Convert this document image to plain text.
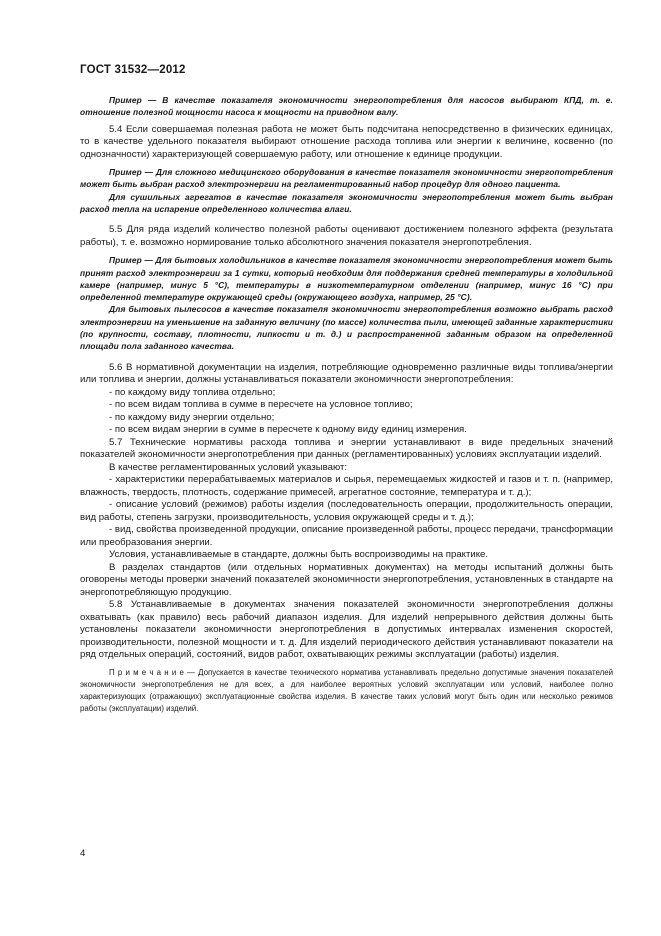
ГОСТ 31532—2012

Пример — В качестве показателя экономичности энергопотребления для насосов выбирают КПД, т. е. отношение полезной мощности насоса к мощности на приводном валу.

5.4 Если совершаемая полезная работа не может быть подсчитана непосредственно в физических единицах, то в качестве удельного показателя выбирают отношение расхода топлива или энергии к величине, косвенно (по однозначности) характеризующей совершаемую работу, или отношение к единице продукции.

Пример — Для сложного медицинского оборудования в качестве показателя экономичности энергопотребления может быть выбран расход электроэнергии на регламентированный набор процедур для одного пациента.

Для сушильных агрегатов в качестве показателя экономичности энергопотребления может быть выбран расход тепла на испарение определенного количества влаги.

5.5 Для ряда изделий количество полезной работы оценивают достижением полезного эффекта (результата работы), т. е. возможно нормирование только абсолютного значения показателя энергопотребления.

Пример — Для бытовых холодильников в качестве показателя экономичности энергопотребления может быть принят расход электроэнергии за 1 сутки, который необходим для поддержания средней температуры в холодильной камере (например, минус 5 °С), температуры в низкотемпературном отделении (например, минус 16 °С) при определенной температуре окружающей среды (окружающего воздуха, например, 25 °С).

Для бытовых пылесосов в качестве показателя экономичности энергопотребления возможно выбрать расход электроэнергии на уменьшение на заданную величину (по массе) количества пыли, имеющей заданные характеристики (по крупности, составу, плотности, липкости и т. д.) и распространенной заданным образом на определенной площади пола заданного качества.

5.6 В нормативной документации на изделия, потребляющие одновременно различные виды топлива/энергии или топлива и энергии, должны устанавливаться показатели экономичности энергопотребления:

- по каждому виду топлива отдельно;

- по всем видам топлива в сумме в пересчете на условное топливо;

- по каждому виду энергии отдельно;

- по всем видам энергии в сумме в пересчете к одному виду единиц измерения.

5.7 Технические нормативы расхода топлива и энергии устанавливают в виде предельных значений показателей экономичности энергопотребления при данных (регламентированных) условиях эксплуатации изделий.

В качестве регламентированных условий указывают:

- характеристики перерабатываемых материалов и сырья, перемещаемых жидкостей и газов и т. п. (например, влажность, твердость, плотность, содержание примесей, агрегатное состояние, температура и т. д.);

- описание условий (режимов) работы изделия (последовательность операции, продолжительность операции, вид работы, степень загрузки, производительность, условия окружающей среды и т. д.);

- вид, свойства произведенной продукции, описание произведенной работы, процесс передачи, трансформации или преобразования энергии.

Условия, устанавливаемые в стандарте, должны быть воспроизводимы на практике.

В разделах стандартов (или отдельных нормативных документах) на методы испытаний должны быть оговорены методы проверки значений показателей экономичности энергопотребления, установленных в стандарте на энергопотребляющую продукцию.

5.8 Устанавливаемые в документах значения показателей экономичности энергопотребления должны охватывать (как правило) весь рабочий диапазон изделия. Для изделий непрерывного действия должны быть установлены показатели экономичности энергопотребления в допустимых интервалах изменения скоростей, производительности, полезной мощности и т. д. Для изделий периодического действия устанавливают показатели на ряд отдельных операций, состояний, видов работ, охватывающих режимы эксплуатации (работы) изделия.

П р и м е ч а н и е — Допускается в качестве технического норматива устанавливать предельно допустимые значения показателей экономичности энергопотребления не для всех, а для наиболее вероятных условий эксплуатации или условий, наиболее полно характеризующих (отражающих) эксплуатационные свойства изделия. В качестве таких условий могут быть один или несколько режимов работы (эксплуатации) изделий.

4
